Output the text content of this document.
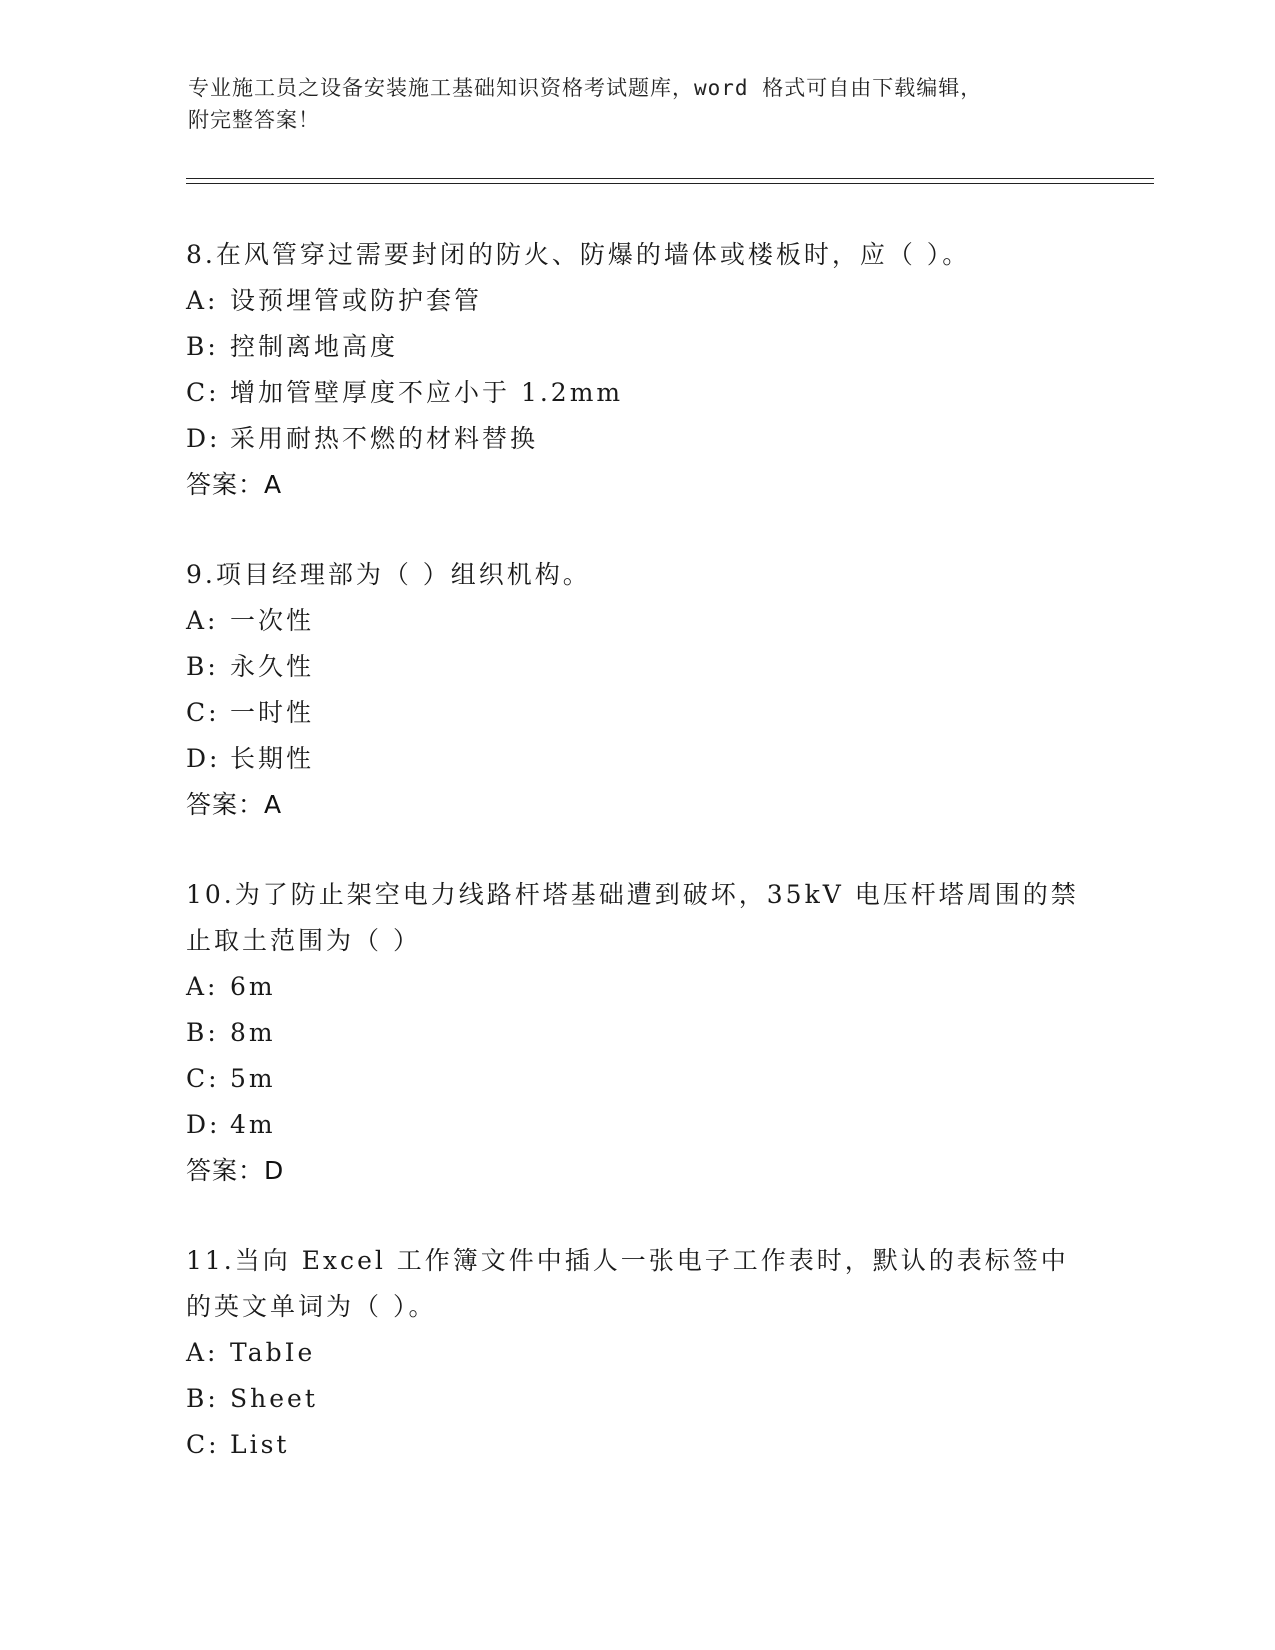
专业施工员之设备安装施工基础知识资格考试题库，word 格式可自由下载编辑，
附完整答案！
8.在风管穿过需要封闭的防火、防爆的墙体或楼板时，应（ ）。
A: 设预埋管或防护套管
B: 控制离地高度
C: 增加管壁厚度不应小于 1.2mm
D: 采用耐热不燃的材料替换
答案：A
9.项目经理部为（ ）组织机构。
A: 一次性
B: 永久性
C: 一时性
D: 长期性
答案：A
10.为了防止架空电力线路杆塔基础遭到破坏，35kV 电压杆塔周围的禁止取土范围为（ ）
A: 6m
B: 8m
C: 5m
D: 4m
答案：D
11.当向 Excel 工作簿文件中插人一张电子工作表时，默认的表标签中的英文单词为（ ）。
A: TabIe
B: Sheet
C: List
